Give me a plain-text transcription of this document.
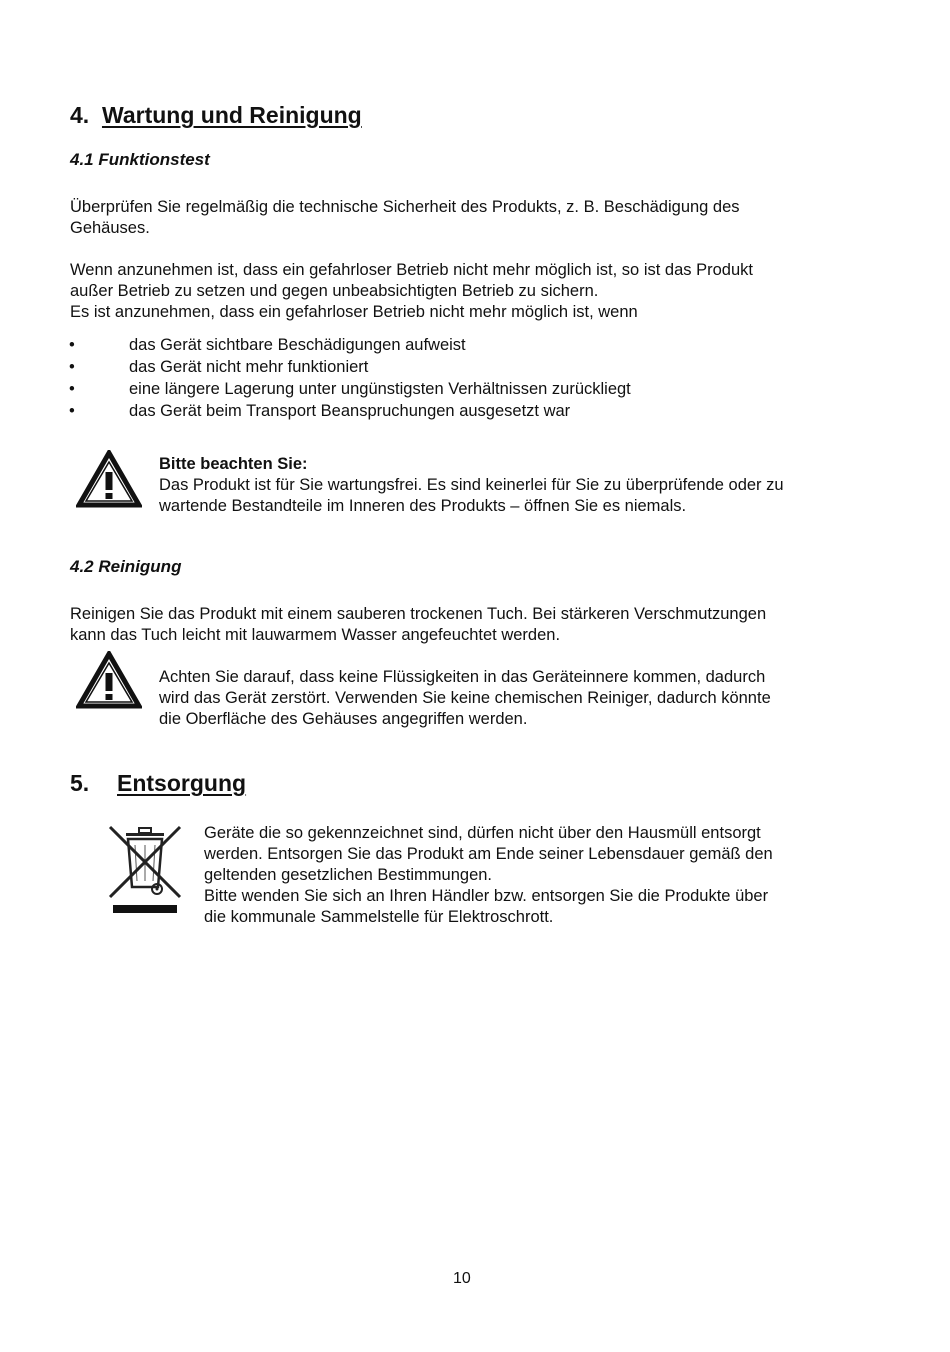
4. Wartung und Reinigung
4.1 Funktionstest
Überprüfen Sie regelmäßig die technische Sicherheit des Produkts, z. B. Beschädigung des
Gehäuses.
Wenn anzunehmen ist, dass ein gefahrloser Betrieb nicht mehr möglich ist, so ist das Produkt
außer Betrieb zu setzen und gegen unbeabsichtigten Betrieb zu sichern.
Es ist anzunehmen, dass ein gefahrloser Betrieb nicht mehr möglich ist, wenn
•	das Gerät sichtbare Beschädigungen aufweist
•	das Gerät nicht mehr funktioniert
•	eine längere Lagerung unter ungünstigsten Verhältnissen zurückliegt
•	das Gerät beim Transport Beanspruchungen ausgesetzt war
Bitte beachten Sie:
Das Produkt ist für Sie wartungsfrei. Es sind keinerlei für Sie zu überprüfende oder zu
wartende Bestandteile im Inneren des Produkts – öffnen Sie es niemals.
4.2 Reinigung
Reinigen Sie das Produkt mit einem sauberen trockenen Tuch. Bei stärkeren Verschmutzungen
kann das Tuch leicht mit lauwarmem Wasser angefeuchtet werden.
Achten Sie darauf, dass keine Flüssigkeiten in das Geräteinnere kommen, dadurch
wird das Gerät zerstört. Verwenden Sie keine chemischen Reiniger, dadurch könnte
die Oberfläche des Gehäuses angegriffen werden.
5. Entsorgung
Geräte die so gekennzeichnet sind, dürfen nicht über den Hausmüll entsorgt
werden. Entsorgen Sie das Produkt am Ende seiner Lebensdauer gemäß den
geltenden gesetzlichen Bestimmungen.
Bitte wenden Sie sich an Ihren Händler bzw. entsorgen Sie die Produkte über
die kommunale Sammelstelle für Elektroschrott.
10
